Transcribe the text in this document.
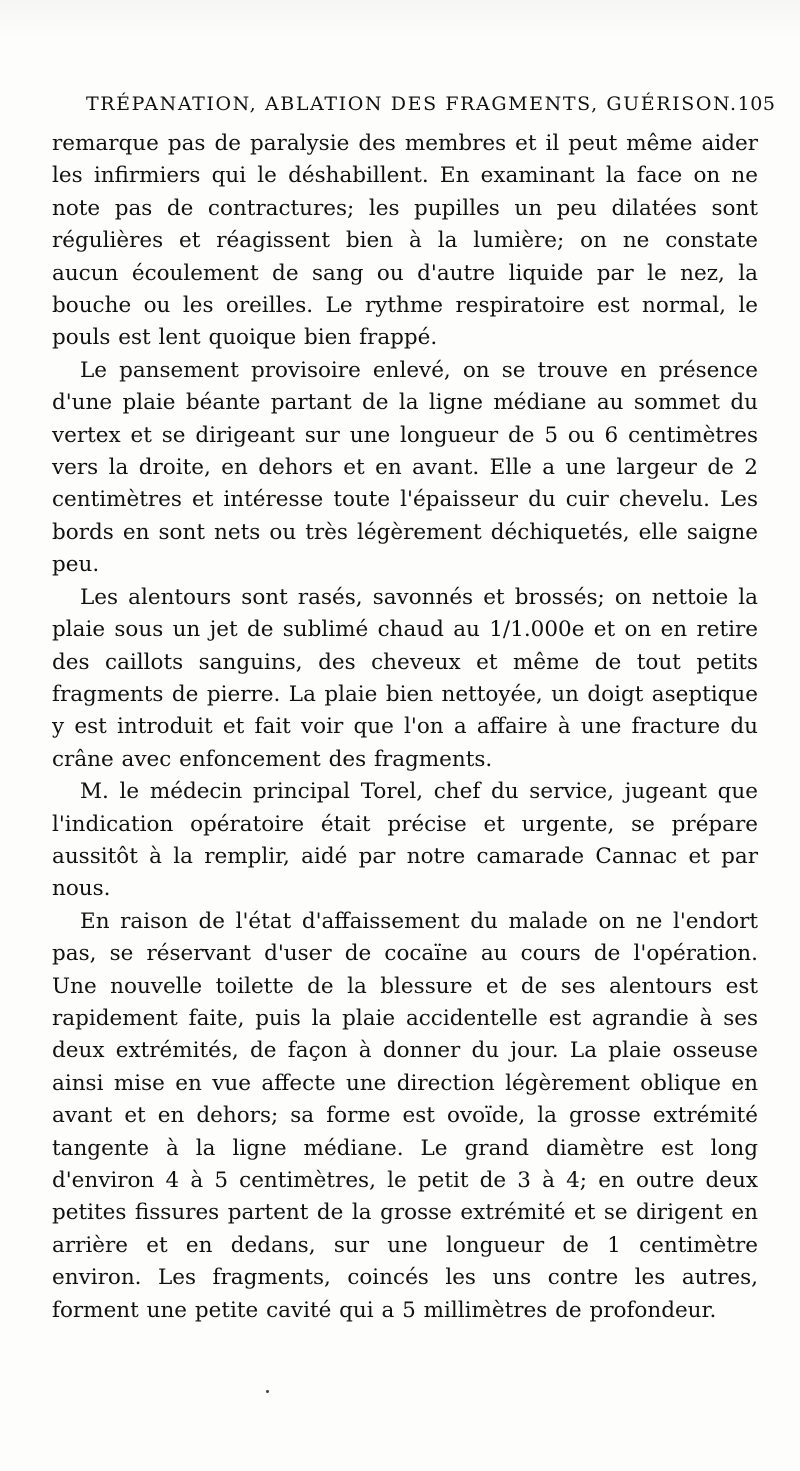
TRÉPANATION, ABLATION DES FRAGMENTS, GUÉRISON. 105

remarque pas de paralysie des membres et il peut même aider les infirmiers qui le déshabillent. En examinant la face on ne note pas de contractures; les pupilles un peu dilatées sont régulières et réagissent bien à la lumière; on ne constate aucun écoulement de sang ou d'autre liquide par le nez, la bouche ou les oreilles. Le rythme respiratoire est normal, le pouls est lent quoique bien frappé.

Le pansement provisoire enlevé, on se trouve en présence d'une plaie béante partant de la ligne médiane au sommet du vertex et se dirigeant sur une longueur de 5 ou 6 centimètres vers la droite, en dehors et en avant. Elle a une largeur de 2 centimètres et intéresse toute l'épaisseur du cuir chevelu. Les bords en sont nets ou très légèrement déchiquetés, elle saigne peu.

Les alentours sont rasés, savonnés et brossés; on nettoie la plaie sous un jet de sublimé chaud au 1/1.000e et on en retire des caillots sanguins, des cheveux et même de tout petits fragments de pierre. La plaie bien nettoyée, un doigt aseptique y est introduit et fait voir que l'on a affaire à une fracture du crâne avec enfoncement des fragments.

M. le médecin principal Torel, chef du service, jugeant que l'indication opératoire était précise et urgente, se prépare aussitôt à la remplir, aidé par notre camarade Cannac et par nous.

En raison de l'état d'affaissement du malade on ne l'endort pas, se réservant d'user de cocaïne au cours de l'opération. Une nouvelle toilette de la blessure et de ses alentours est rapidement faite, puis la plaie accidentelle est agrandie à ses deux extrémités, de façon à donner du jour. La plaie osseuse ainsi mise en vue affecte une direction légèrement oblique en avant et en dehors; sa forme est ovoïde, la grosse extrémité tangente à la ligne médiane. Le grand diamètre est long d'environ 4 à 5 centimètres, le petit de 3 à 4; en outre deux petites fissures partent de la grosse extrémité et se dirigent en arrière et en dedans, sur une longueur de 1 centimètre environ. Les fragments, coincés les uns contre les autres, forment une petite cavité qui a 5 millimètres de profondeur.
